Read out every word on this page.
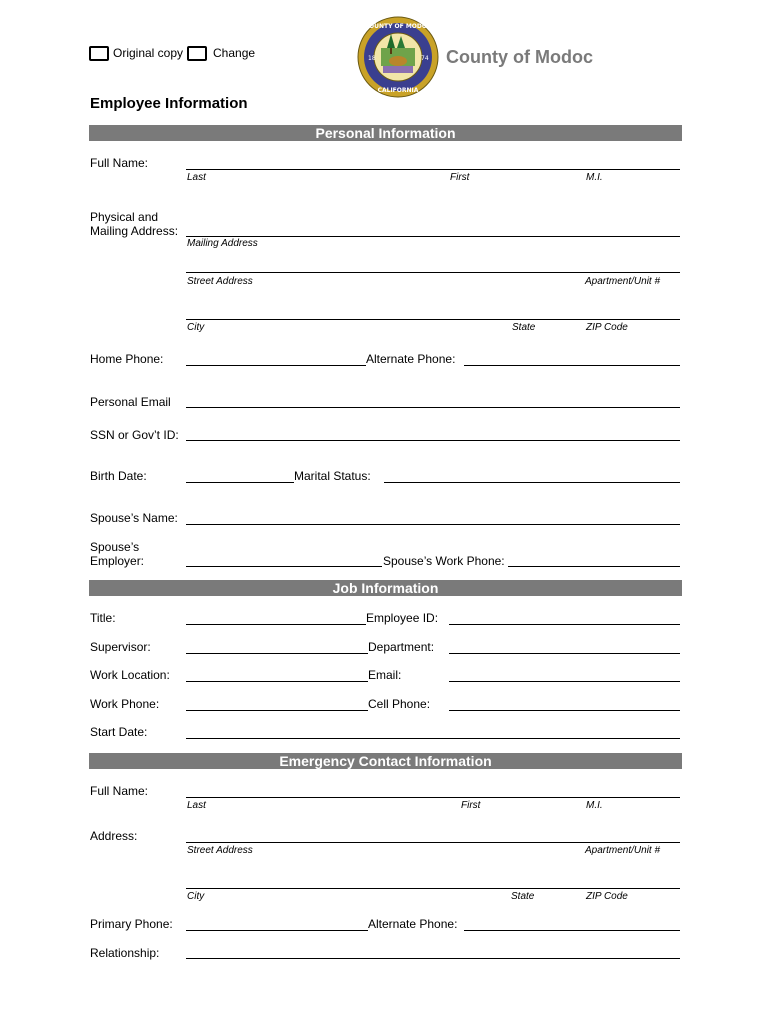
Original copy Change
COUNTY OF MODOC
CALIFORNIA
18	74 County of Modoc
Employee Information
Personal Information
Full Name:
Last	First	M.I.
Physical and
Mailing Address:
Mailing Address
Street Address	Apartment/Unit #
City	State	ZIP Code
Home Phone:	Alternate Phone:
Personal Email
SSN or Gov’t ID:
Birth Date:	Marital Status:
Spouse’s Name:
Spouse’s
Employer:	Spouse’s Work Phone:
Job Information
Title:	Employee ID:
Supervisor:	Department:
Work Location:	Email:
Work Phone:	Cell Phone:
Start Date:
Emergency Contact Information
Full Name:
Last	First	M.I.
Address:
Street Address	Apartment/Unit #
City	State	ZIP Code
Primary Phone:	Alternate Phone:
Relationship:
